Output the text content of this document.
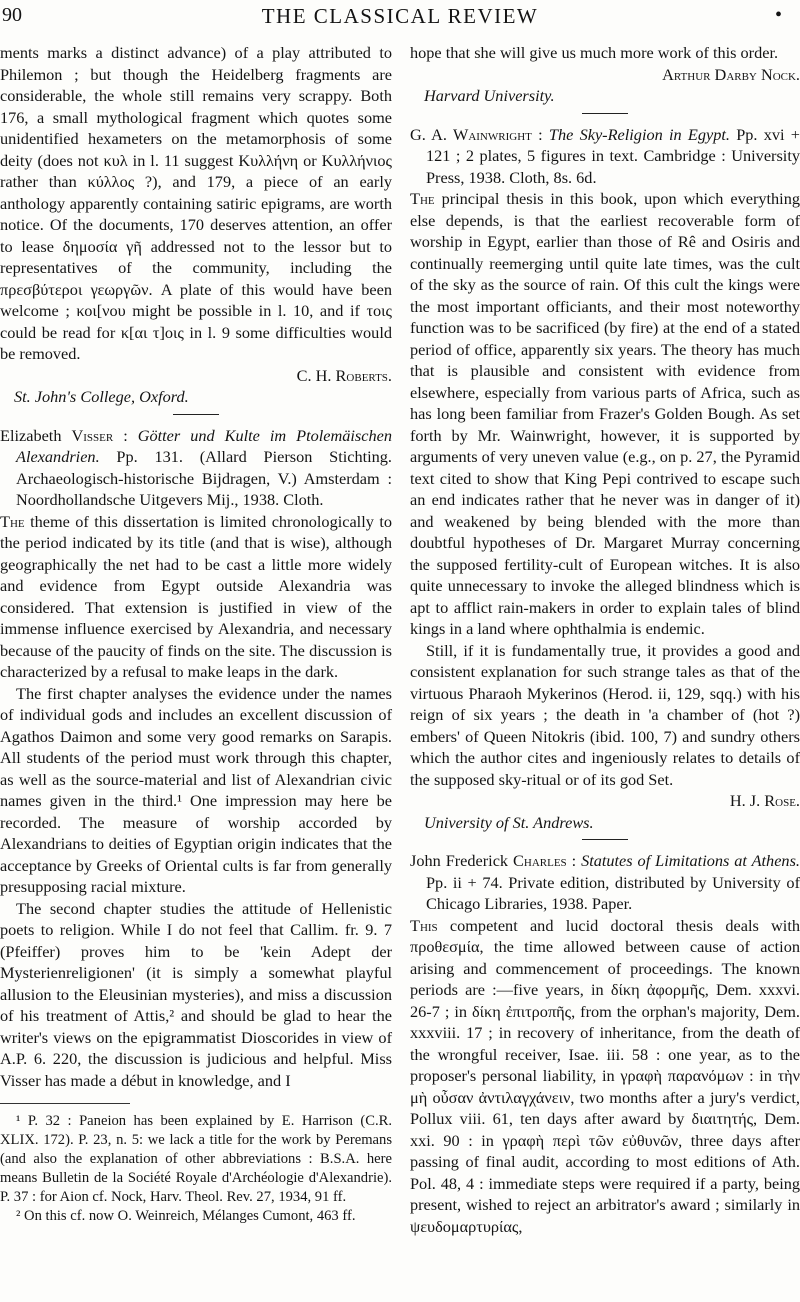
90	THE CLASSICAL REVIEW	•

ments marks a distinct advance) of a play attributed to Philemon ; but though the Heidelberg fragments are considerable, the whole still remains very scrappy. Both 176, a small mythological fragment which quotes some unidentified hexameters on the metamorphosis of some deity (does not κυλ in l. 11 suggest Κυλλήνη or Κυλλήνιος rather than κύλλος ?), and 179, a piece of an early anthology apparently containing satiric epigrams, are worth notice. Of the documents, 170 deserves attention, an offer to lease δημοσία γῆ addressed not to the lessor but to representatives of the community, including the πρεσβύτεροι γεωργῶν. A plate of this would have been welcome ; κοι[νου might be possible in l. 10, and if τοις could be read for κ[αι τ]οις in l. 9 some difficulties would be removed.

C. H. Roberts.

St. John's College, Oxford.

Elizabeth Visser : Götter und Kulte im Ptolemäischen Alexandrien. Pp. 131. (Allard Pierson Stichting. Archaeologisch-historische Bijdragen, V.) Amsterdam : Noordhollandsche Uitgevers Mij., 1938. Cloth.

The theme of this dissertation is limited chronologically to the period indicated by its title (and that is wise), although geographically the net had to be cast a little more widely and evidence from Egypt outside Alexandria was considered. That extension is justified in view of the immense influence exercised by Alexandria, and necessary because of the paucity of finds on the site. The discussion is characterized by a refusal to make leaps in the dark.

The first chapter analyses the evidence under the names of individual gods and includes an excellent discussion of Agathos Daimon and some very good remarks on Sarapis. All students of the period must work through this chapter, as well as the source-material and list of Alexandrian civic names given in the third.¹ One impression may here be recorded. The measure of worship accorded by Alexandrians to deities of Egyptian origin indicates that the acceptance by Greeks of Oriental cults is far from generally presupposing racial mixture.

The second chapter studies the attitude of Hellenistic poets to religion. While I do not feel that Callim. fr. 9. 7 (Pfeiffer) proves him to be 'kein Adept der Mysterienreligionen' (it is simply a somewhat playful allusion to the Eleusinian mysteries), and miss a discussion of his treatment of Attis,² and should be glad to hear the writer's views on the epigrammatist Dioscorides in view of A.P. 6. 220, the discussion is judicious and helpful. Miss Visser has made a début in knowledge, and I

¹ P. 32 : Paneion has been explained by E. Harrison (C.R. XLIX. 172). P. 23, n. 5: we lack a title for the work by Peremans (and also the explanation of other abbreviations : B.S.A. here means Bulletin de la Société Royale d'Archéologie d'Alexandrie). P. 37 : for Aion cf. Nock, Harv. Theol. Rev. 27, 1934, 91 ff.

² On this cf. now O. Weinreich, Mélanges Cumont, 463 ff.

hope that she will give us much more work of this order.

Arthur Darby Nock.

Harvard University.

G. A. Wainwright : The Sky-Religion in Egypt. Pp. xvi + 121 ; 2 plates, 5 figures in text. Cambridge : University Press, 1938. Cloth, 8s. 6d.

The principal thesis in this book, upon which everything else depends, is that the earliest recoverable form of worship in Egypt, earlier than those of Rê and Osiris and continually reemerging until quite late times, was the cult of the sky as the source of rain. Of this cult the kings were the most important officiants, and their most noteworthy function was to be sacrificed (by fire) at the end of a stated period of office, apparently six years. The theory has much that is plausible and consistent with evidence from elsewhere, especially from various parts of Africa, such as has long been familiar from Frazer's Golden Bough. As set forth by Mr. Wainwright, however, it is supported by arguments of very uneven value (e.g., on p. 27, the Pyramid text cited to show that King Pepi contrived to escape such an end indicates rather that he never was in danger of it) and weakened by being blended with the more than doubtful hypotheses of Dr. Margaret Murray concerning the supposed fertility-cult of European witches. It is also quite unnecessary to invoke the alleged blindness which is apt to afflict rain-makers in order to explain tales of blind kings in a land where ophthalmia is endemic.

Still, if it is fundamentally true, it provides a good and consistent explanation for such strange tales as that of the virtuous Pharaoh Mykerinos (Herod. ii, 129, sqq.) with his reign of six years ; the death in 'a chamber of (hot ?) embers' of Queen Nitokris (ibid. 100, 7) and sundry others which the author cites and ingeniously relates to details of the supposed sky-ritual or of its god Set.

H. J. Rose.

University of St. Andrews.

John Frederick Charles : Statutes of Limitations at Athens. Pp. ii + 74. Private edition, distributed by University of Chicago Libraries, 1938. Paper.

This competent and lucid doctoral thesis deals with προθεσμία, the time allowed between cause of action arising and commencement of proceedings. The known periods are :—five years, in δίκη ἀφορμῆς, Dem. xxxvi. 26-7 ; in δίκη ἐπιτροπῆς, from the orphan's majority, Dem. xxxviii. 17 ; in recovery of inheritance, from the death of the wrongful receiver, Isae. iii. 58 : one year, as to the proposer's personal liability, in γραφὴ παρανόμων : in τὴν μὴ οὖσαν ἀντιλαγχάνειν, two months after a jury's verdict, Pollux viii. 61, ten days after award by διαιτητής, Dem. xxi. 90 : in γραφὴ περὶ τῶν εὐθυνῶν, three days after passing of final audit, according to most editions of Ath. Pol. 48, 4 : immediate steps were required if a party, being present, wished to reject an arbitrator's award ; similarly in ψευδομαρτυρίας,
